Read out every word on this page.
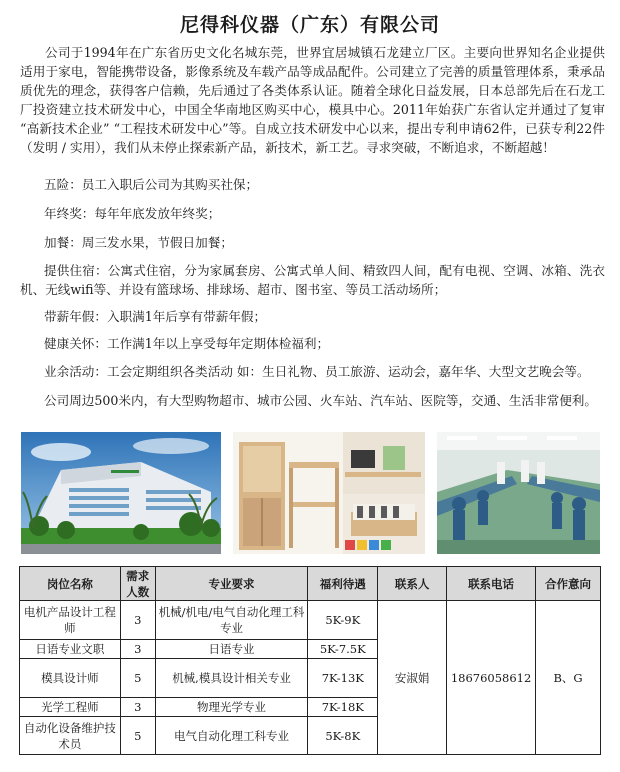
尼得科仪器（广东）有限公司

公司于1994年在广东省历史文化名城东莞，世界宜居城镇石龙建立厂区。主要向世界知名企业提供适用于家电，智能携带设备，影像系统及车载产品等成品配件。公司建立了完善的质量管理体系，秉承品质优先的理念，获得客户信赖，先后通过了各类体系认证。随着全球化日益发展，日本总部先后在石龙工厂投资建立技术研发中心，中国全华南地区购买中心，模具中心。2011年始获广东省认定并通过了复审 “高新技术企业” “工程技术研发中心”等。自成立技术研发中心以来，提出专利申请62件，已获专利22件（发明 / 实用），我们从未停止探索新产品，新技术，新工艺。寻求突破，不断追求，不断超越！

五险：员工入职后公司为其购买社保；

年终奖：每年年底发放年终奖；

加餐：周三发水果，节假日加餐；

提供住宿：公寓式住宿，分为家属套房、公寓式单人间、精致四人间，配有电视、空调、冰箱、洗衣机、无线wifi等、并设有篮球场、排球场、超市、图书室、等员工活动场所；

带薪年假：入职满1年后享有带薪年假；

健康关怀：工作满1年以上享受每年定期体检福利；

业余活动：工会定期组织各类活动 如：生日礼物、员工旅游、运动会，嘉年华、大型文艺晚会等。

公司周边500米内，有大型购物超市、城市公园、火车站、汽车站、医院等，交通、生活非常便利。

岗位名称	需求人数	专业要求	福利待遇	联系人	联系电话	合作意向
电机产品设计工程师	3	机械/机电/电气自动化理工科专业	5K-9K	安淑娟	18676058612	B、G
日语专业文职	3	日语专业	5K-7.5K			
模具设计师	5	机械,模具设计相关专业	7K-13K			
光学工程师	3	物理光学专业	7K-18K			
自动化设备维护技术员	5	电气自动化理工科专业	5K-8K			
